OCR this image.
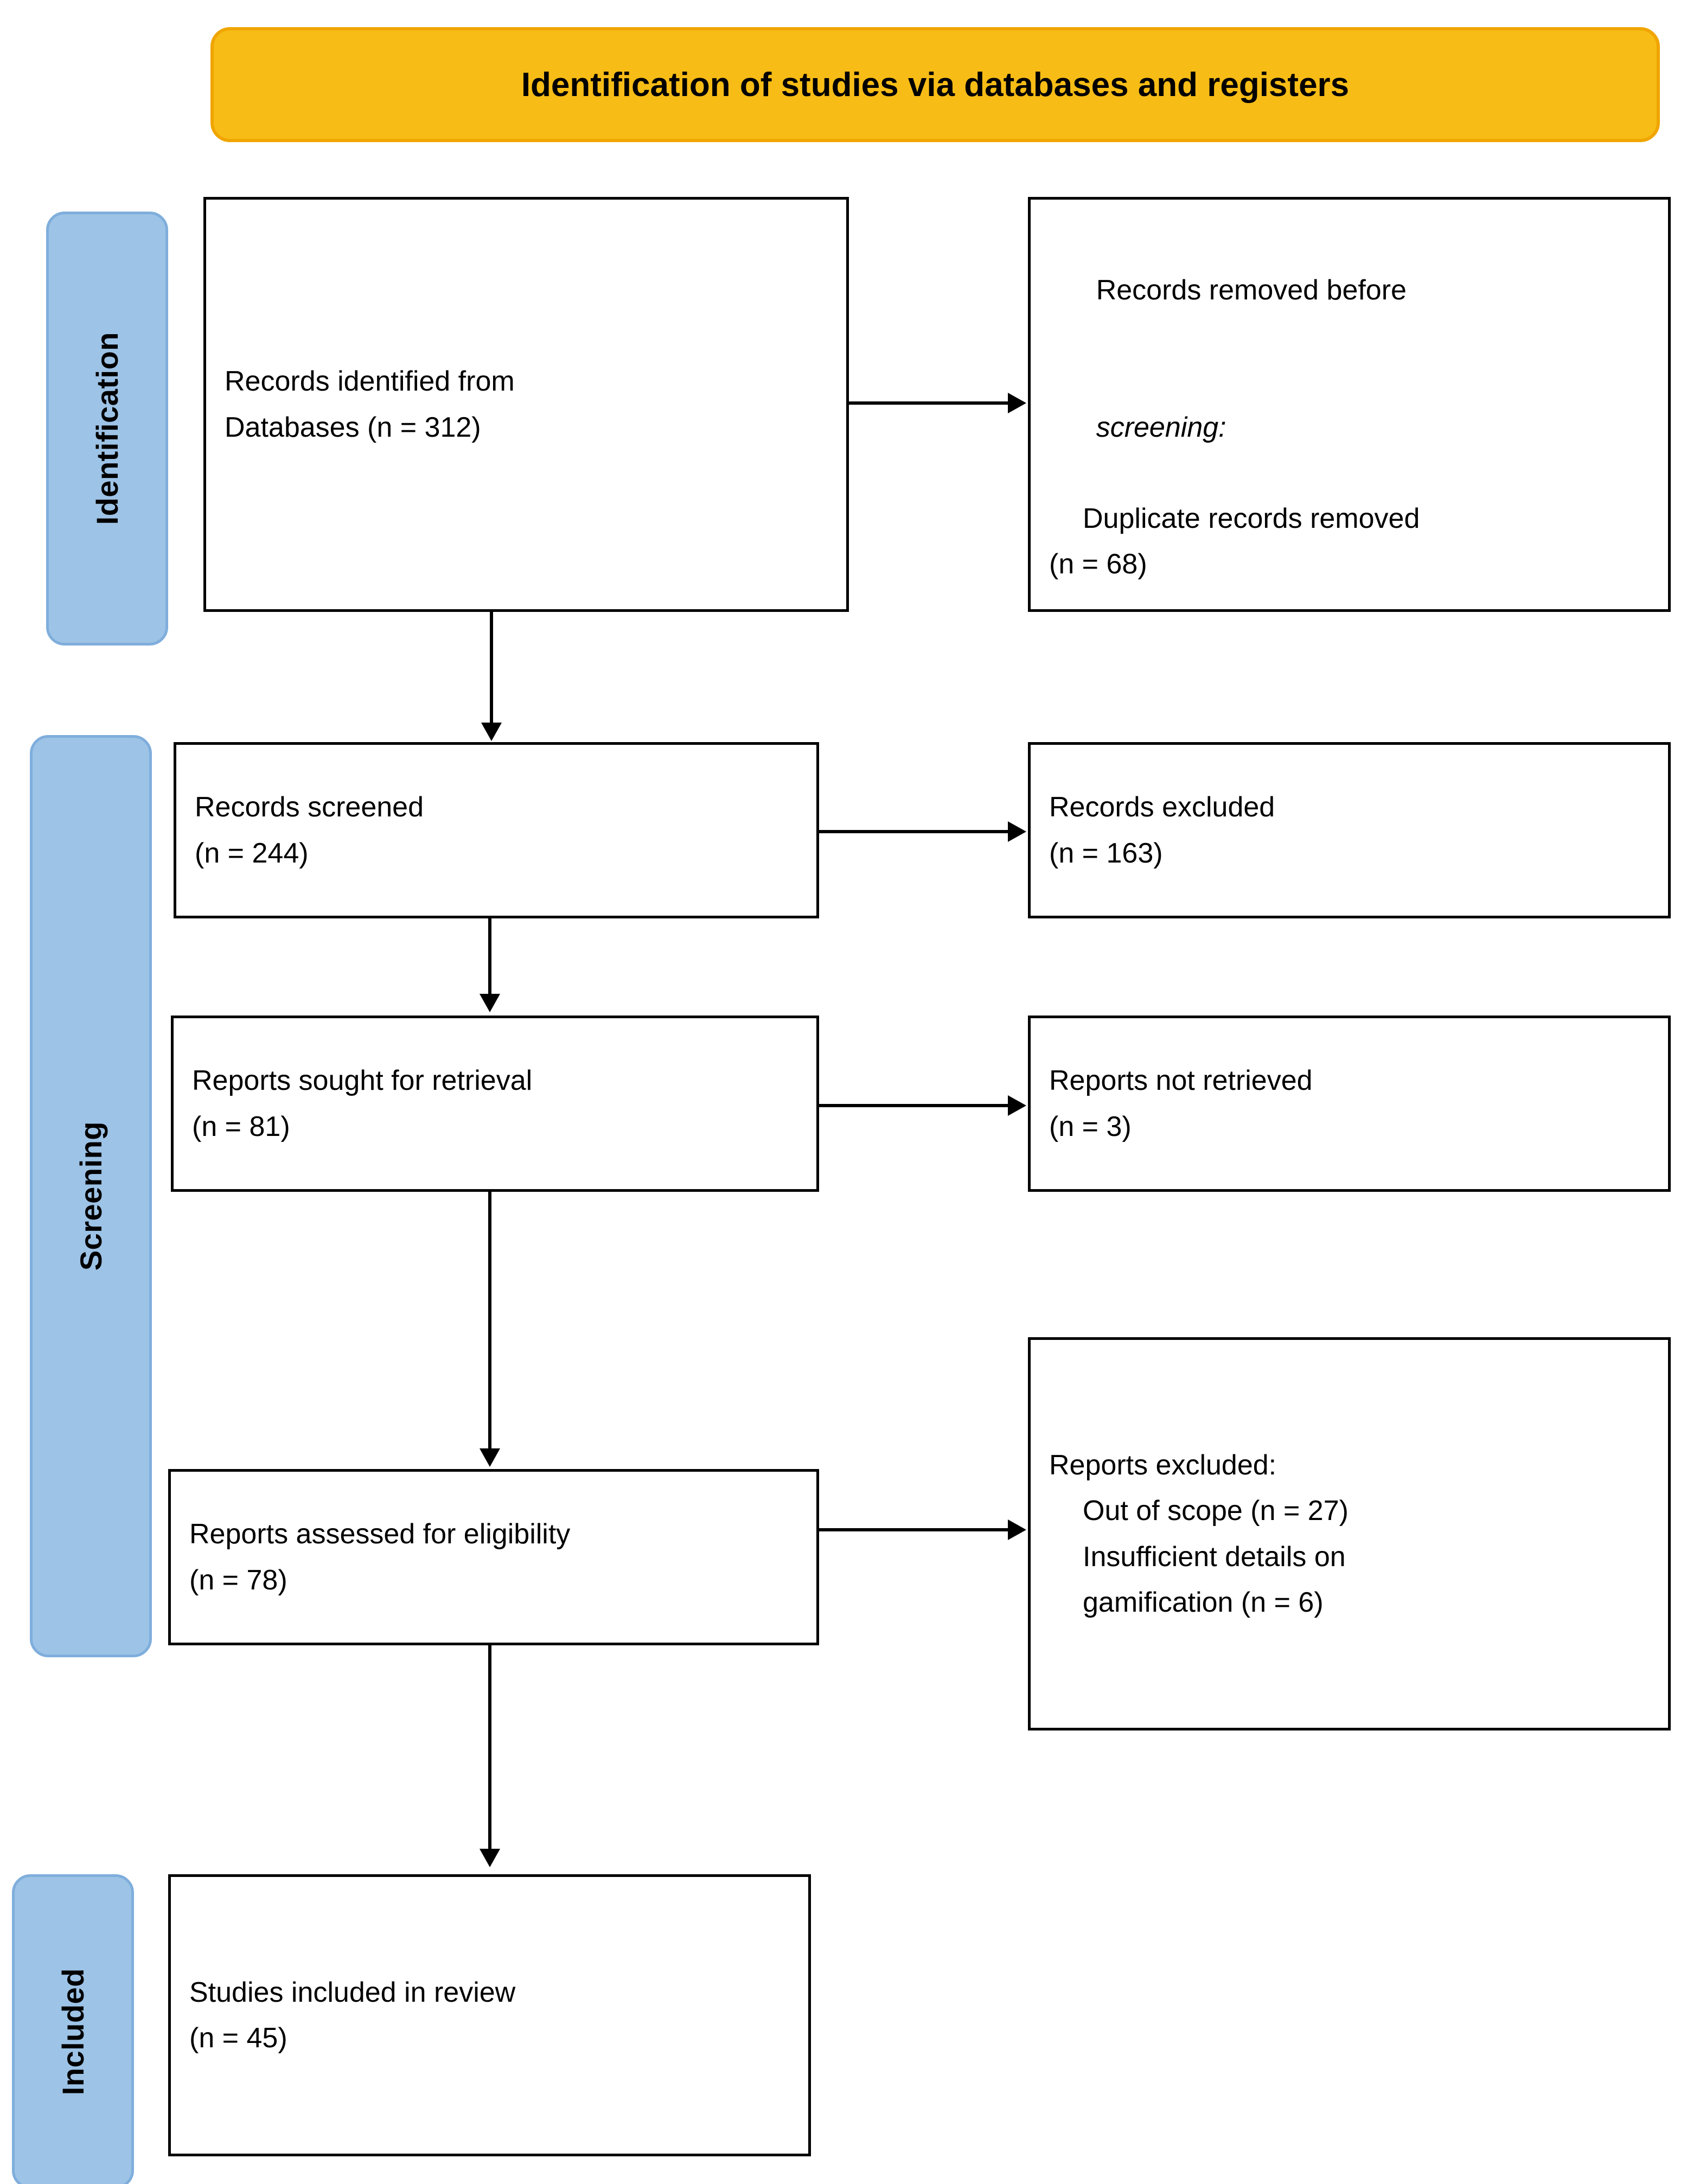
Identification of studies via databases and registers
Identification
Screening
Included
Records identified from
Databases (n = 312)

Records removed before

screening:

Duplicate records removed
(n = 68)
Records screened
(n = 244)
Records excluded
(n = 163)
Reports sought for retrieval
(n = 81)
Reports not retrieved
(n = 3)
Reports assessed for eligibility
(n = 78)
Reports excluded:
Out of scope (n = 27)
Insufficient details on
gamification (n = 6)
Studies included in review
(n = 45)
